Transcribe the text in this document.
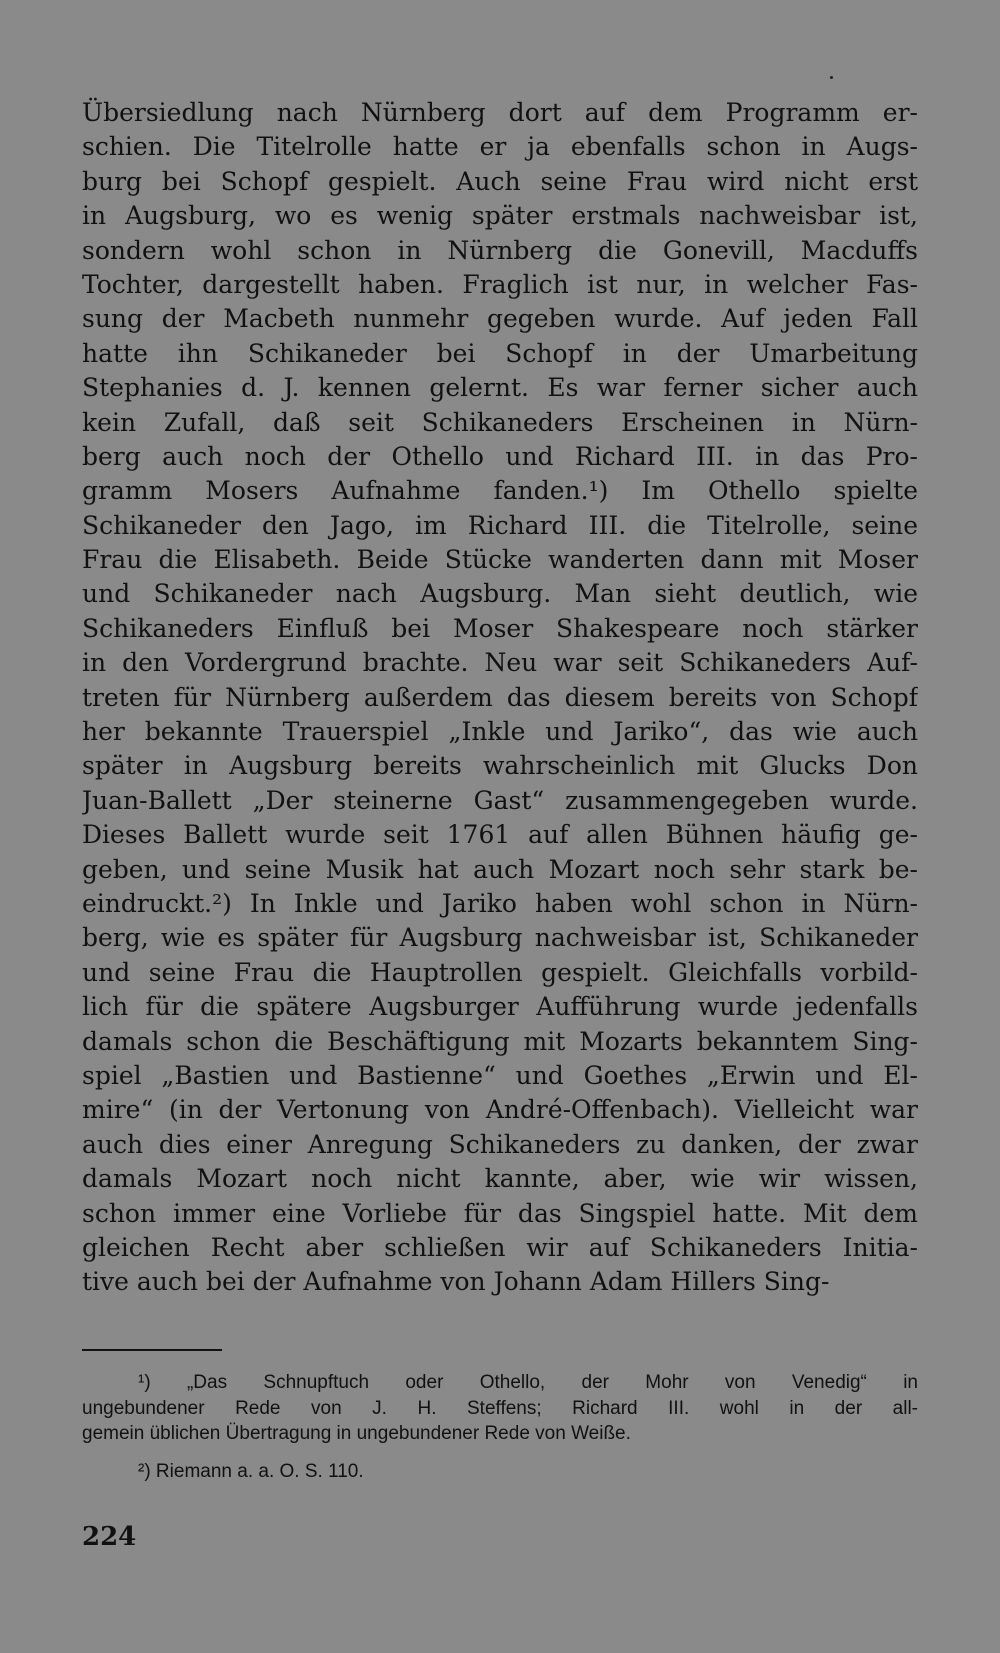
Übersiedlung nach Nürnberg dort auf dem Programm er-
schien. Die Titelrolle hatte er ja ebenfalls schon in Augs-
burg bei Schopf gespielt. Auch seine Frau wird nicht erst
in Augsburg, wo es wenig später erstmals nachweisbar ist,
sondern wohl schon in Nürnberg die Gonevill, Macduffs
Tochter, dargestellt haben. Fraglich ist nur, in welcher Fas-
sung der Macbeth nunmehr gegeben wurde. Auf jeden Fall
hatte ihn Schikaneder bei Schopf in der Umarbeitung
Stephanies d. J. kennen gelernt. Es war ferner sicher auch
kein Zufall, daß seit Schikaneders Erscheinen in Nürn-
berg auch noch der Othello und Richard III. in das Pro-
gramm Mosers Aufnahme fanden.¹) Im Othello spielte
Schikaneder den Jago, im Richard III. die Titelrolle, seine
Frau die Elisabeth. Beide Stücke wanderten dann mit Moser
und Schikaneder nach Augsburg. Man sieht deutlich, wie
Schikaneders Einfluß bei Moser Shakespeare noch stärker
in den Vordergrund brachte. Neu war seit Schikaneders Auf-
treten für Nürnberg außerdem das diesem bereits von Schopf
her bekannte Trauerspiel „Inkle und Jariko“, das wie auch
später in Augsburg bereits wahrscheinlich mit Glucks Don
Juan-Ballett „Der steinerne Gast“ zusammengegeben wurde.
Dieses Ballett wurde seit 1761 auf allen Bühnen häufig ge-
geben, und seine Musik hat auch Mozart noch sehr stark be-
eindruckt.²) In Inkle und Jariko haben wohl schon in Nürn-
berg, wie es später für Augsburg nachweisbar ist, Schikaneder
und seine Frau die Hauptrollen gespielt. Gleichfalls vorbild-
lich für die spätere Augsburger Aufführung wurde jedenfalls
damals schon die Beschäftigung mit Mozarts bekanntem Sing-
spiel „Bastien und Bastienne“ und Goethes „Erwin und El-
mire“ (in der Vertonung von André-Offenbach). Vielleicht war
auch dies einer Anregung Schikaneders zu danken, der zwar
damals Mozart noch nicht kannte, aber, wie wir wissen,
schon immer eine Vorliebe für das Singspiel hatte. Mit dem
gleichen Recht aber schließen wir auf Schikaneders Initia-
tive auch bei der Aufnahme von Johann Adam Hillers Sing-
¹) „Das Schnupftuch oder Othello, der Mohr von Venedig“ in
ungebundener Rede von J. H. Steffens; Richard III. wohl in der all-
gemein üblichen Übertragung in ungebundener Rede von Weiße.
²) Riemann a. a. O. S. 110.
224
